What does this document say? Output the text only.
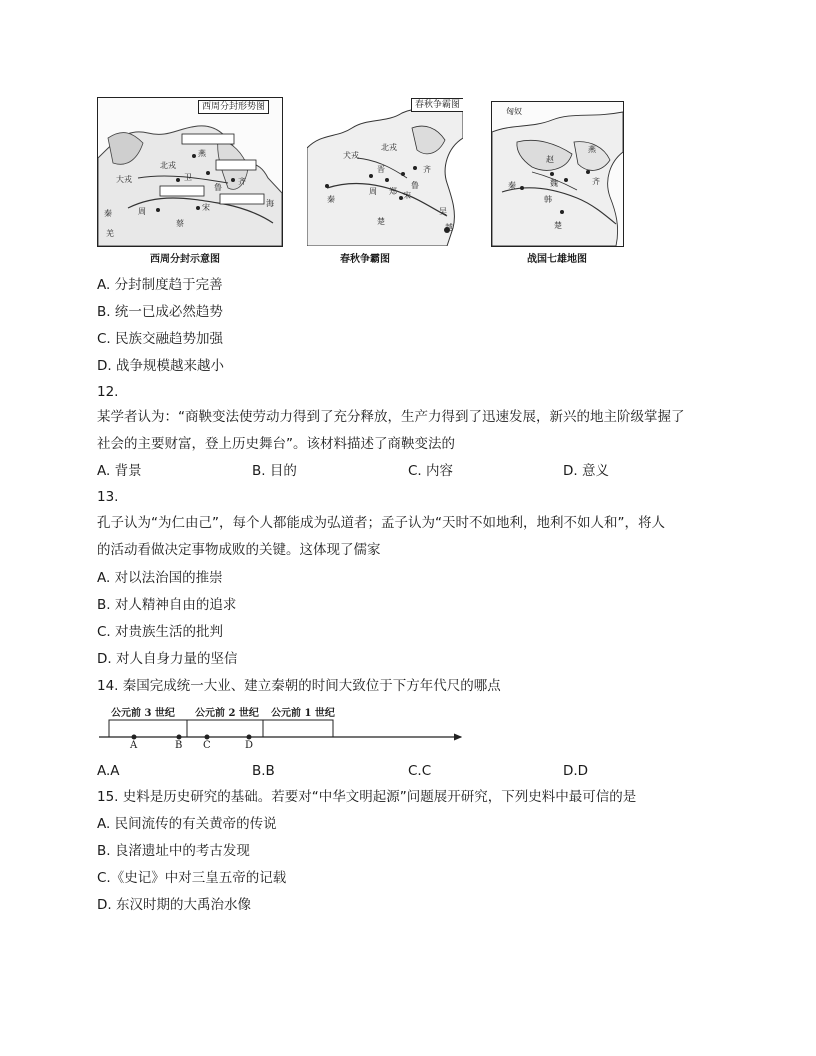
西周分封形势图
燕
大戎
宋
秦	周
卫
鲁
齐
蔡
海
羌
北戎
西周分封示意图
春秋争霸图
犬戎
北戎
晋	齐
鲁
宋
郑
周
秦
楚
吴
越
春秋争霸图
匈奴
燕
赵
魏
韩
齐
秦
楚
战国七雄地图
A. 分封制度趋于完善
B. 统一已成必然趋势
C. 民族交融趋势加强
D. 战争规模越来越小
12.
某学者认为：“商鞅变法使劳动力得到了充分释放，生产力得到了迅速发展，新兴的地主阶级掌握了
社会的主要财富，登上历史舞台”。该材料描述了商鞅变法的
A. 背景	B. 目的	C. 内容	D. 意义
13.
孔子认为“为仁由己”，每个人都能成为弘道者；孟子认为“天时不如地利，地利不如人和”，将人
的活动看做决定事物成败的关键。这体现了儒家
A. 对以法治国的推崇
B. 对人精神自由的追求
C. 对贵族生活的批判
D. 对人自身力量的坚信
14. 秦国完成统一大业、建立秦朝的时间大致位于下方年代尺的哪点
公元前 3 世纪 公元前 2 世纪 公元前 1 世纪
A	B C	D
A.A	B.B	C.C	D.D
15. 史料是历史研究的基础。若要对“中华文明起源”问题展开研究，下列史料中最可信的是
A. 民间流传的有关黄帝的传说
B. 良渚遗址中的考古发现
C.《史记》中对三皇五帝的记载
D. 东汉时期的大禹治水像
